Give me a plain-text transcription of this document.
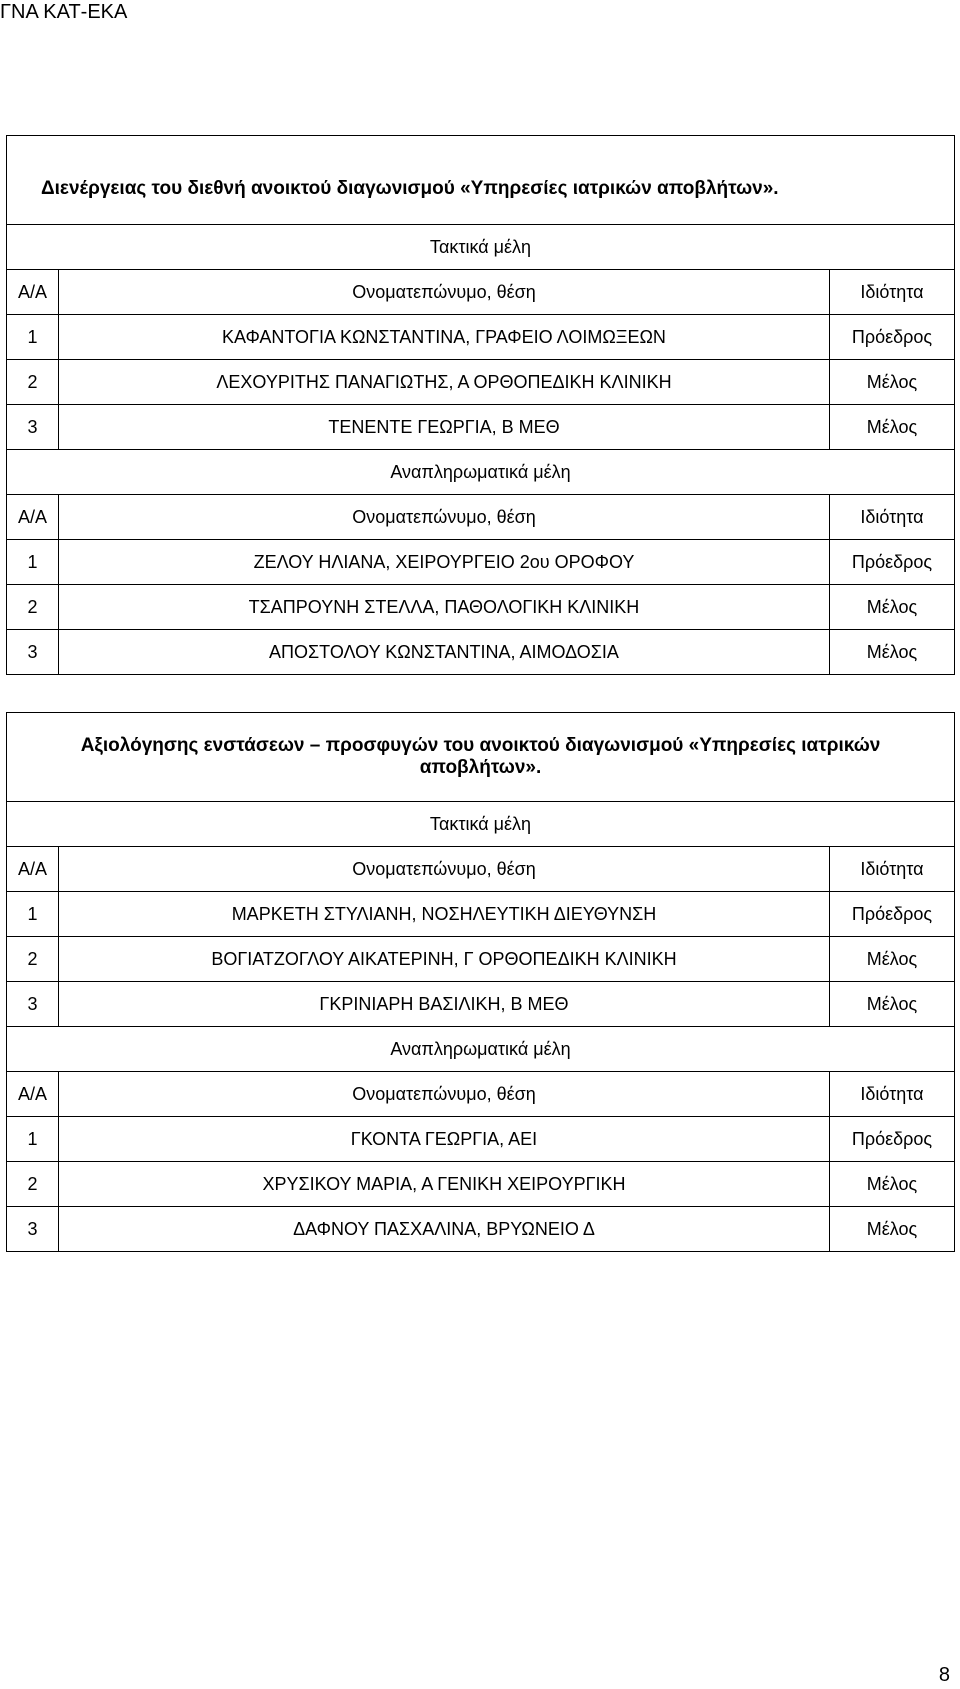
ΓΝΑ ΚΑΤ-ΕΚΑ
Διενέργειας του διεθνή ανοικτού διαγωνισμού «Υπηρεσίες ιατρικών αποβλήτων».		
Τακτικά μέλη		
Α/Α	Ονοματεπώνυμο, θέση	Ιδιότητα
1	ΚΑΦΑΝΤΟΓΙΑ ΚΩΝΣΤΑΝΤΙΝΑ, ΓΡΑΦΕΙΟ ΛΟΙΜΩΞΕΩΝ	Πρόεδρος
2	ΛΕΧΟΥΡΙΤΗΣ ΠΑΝΑΓΙΩΤΗΣ, Α ΟΡΘΟΠΕΔΙΚΗ ΚΛΙΝΙΚΗ	Μέλος
3	ΤΕΝΕΝΤΕ ΓΕΩΡΓΙΑ, Β ΜΕΘ	Μέλος
Αναπληρωματικά μέλη		
Α/Α	Ονοματεπώνυμο, θέση	Ιδιότητα
1	ΖΕΛΟΥ ΗΛΙΑΝΑ, ΧΕΙΡΟΥΡΓΕΙΟ 2ου ΟΡΟΦΟΥ	Πρόεδρος
2	ΤΣΑΠΡΟΥΝΗ ΣΤΕΛΛΑ, ΠΑΘΟΛΟΓΙΚΗ ΚΛΙΝΙΚΗ	Μέλος
3	ΑΠΟΣΤΟΛΟΥ ΚΩΝΣΤΑΝΤΙΝΑ, ΑΙΜΟΔΟΣΙΑ	Μέλος
Αξιολόγησης ενστάσεων – προσφυγών του ανοικτού διαγωνισμού «Υπηρεσίες ιατρικών αποβλήτων».		
Τακτικά μέλη		
Α/Α	Ονοματεπώνυμο, θέση	Ιδιότητα
1	ΜΑΡΚΕΤΗ ΣΤΥΛΙΑΝΗ, ΝΟΣΗΛΕΥΤΙΚΗ ΔΙΕΥΘΥΝΣΗ	Πρόεδρος
2	ΒΟΓΙΑΤΖΟΓΛΟΥ ΑΙΚΑΤΕΡΙΝΗ, Γ ΟΡΘΟΠΕΔΙΚΗ ΚΛΙΝΙΚΗ	Μέλος
3	ΓΚΡΙΝΙΑΡΗ ΒΑΣΙΛΙΚΗ, Β ΜΕΘ	Μέλος
Αναπληρωματικά μέλη		
Α/Α	Ονοματεπώνυμο, θέση	Ιδιότητα
1	ΓΚΟΝΤΑ ΓΕΩΡΓΙΑ, ΑΕΙ	Πρόεδρος
2	ΧΡΥΣΙΚΟΥ ΜΑΡΙΑ, Α ΓΕΝΙΚΗ ΧΕΙΡΟΥΡΓΙΚΗ	Μέλος
3	ΔΑΦΝΟΥ ΠΑΣΧΑΛΙΝΑ, ΒΡΥΩΝΕΙΟ Δ	Μέλος
8
